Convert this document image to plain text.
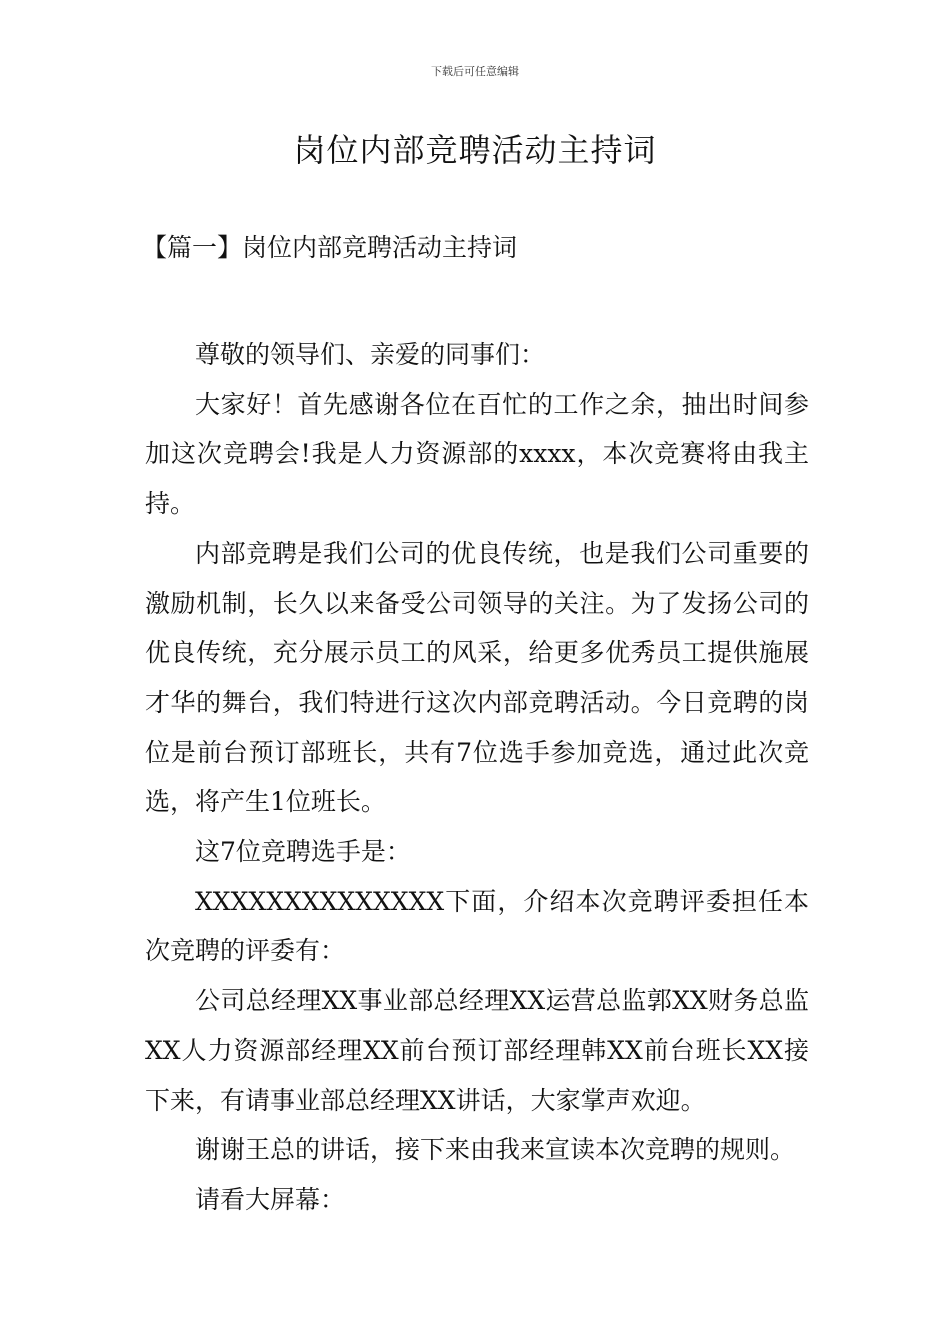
下载后可任意编辑
岗位内部竞聘活动主持词
【篇一】岗位内部竞聘活动主持词

尊敬的领导们、亲爱的同事们：

大家好！首先感谢各位在百忙的工作之余，抽出时间参加这次竞聘会!我是人力资源部的xxxx，本次竞赛将由我主持。

内部竞聘是我们公司的优良传统，也是我们公司重要的激励机制，长久以来备受公司领导的关注。为了发扬公司的优良传统，充分展示员工的风采，给更多优秀员工提供施展才华的舞台，我们特进行这次内部竞聘活动。今日竞聘的岗位是前台预订部班长，共有7位选手参加竞选，通过此次竞选，将产生1位班长。

这7位竞聘选手是：

XXXXXXXXXXXXXX下面，介绍本次竞聘评委担任本次竞聘的评委有：

公司总经理XX事业部总经理XX运营总监郭XX财务总监XX人力资源部经理XX前台预订部经理韩XX前台班长XX接下来，有请事业部总经理XX讲话，大家掌声欢迎。

谢谢王总的讲话，接下来由我来宣读本次竞聘的规则。

请看大屏幕：
